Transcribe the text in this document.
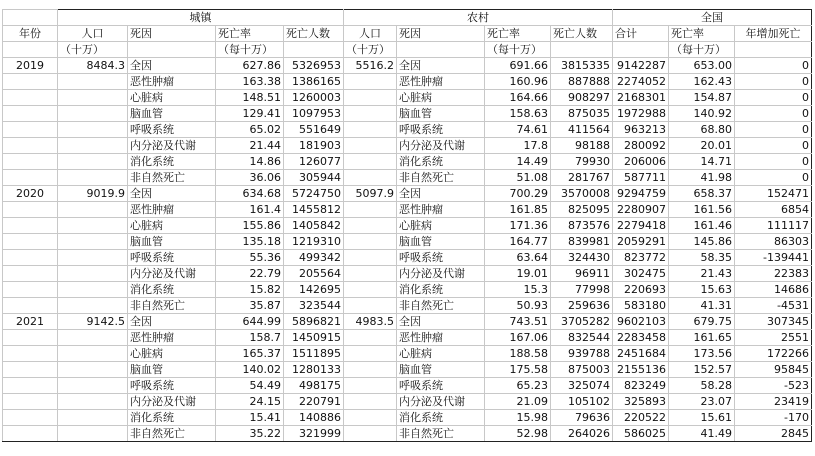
	城镇				农村				全国		
年份	人口	死因	死亡率	死亡人数	人口	死因	死亡率	死亡人数	合计	死亡率	年增加死亡
	（十万）		（每十万）		（十万）		（每十万）			（每十万）	
2019	8484.3	全因	627.86	5326953	5516.2	全因	691.66	3815335	9142287	653.00	0
		恶性肿瘤	163.38	1386165		恶性肿瘤	160.96	887888	2274052	162.43	0
		心脏病	148.51	1260003		心脏病	164.66	908297	2168301	154.87	0
		脑血管	129.41	1097953		脑血管	158.63	875035	1972988	140.92	0
		呼吸系统	65.02	551649		呼吸系统	74.61	411564	963213	68.80	0
		内分泌及代谢	21.44	181903		内分泌及代谢	17.8	98188	280092	20.01	0
		消化系统	14.86	126077		消化系统	14.49	79930	206006	14.71	0
		非自然死亡	36.06	305944		非自然死亡	51.08	281767	587711	41.98	0
2020	9019.9	全因	634.68	5724750	5097.9	全因	700.29	3570008	9294759	658.37	152471
		恶性肿瘤	161.4	1455812		恶性肿瘤	161.85	825095	2280907	161.56	6854
		心脏病	155.86	1405842		心脏病	171.36	873576	2279418	161.46	111117
		脑血管	135.18	1219310		脑血管	164.77	839981	2059291	145.86	86303
		呼吸系统	55.36	499342		呼吸系统	63.64	324430	823772	58.35	-139441
		内分泌及代谢	22.79	205564		内分泌及代谢	19.01	96911	302475	21.43	22383
		消化系统	15.82	142695		消化系统	15.3	77998	220693	15.63	14686
		非自然死亡	35.87	323544		非自然死亡	50.93	259636	583180	41.31	-4531
2021	9142.5	全因	644.99	5896821	4983.5	全因	743.51	3705282	9602103	679.75	307345
		恶性肿瘤	158.7	1450915		恶性肿瘤	167.06	832544	2283458	161.65	2551
		心脏病	165.37	1511895		心脏病	188.58	939788	2451684	173.56	172266
		脑血管	140.02	1280133		脑血管	175.58	875003	2155136	152.57	95845
		呼吸系统	54.49	498175		呼吸系统	65.23	325074	823249	58.28	-523
		内分泌及代谢	24.15	220791		内分泌及代谢	21.09	105102	325893	23.07	23419
		消化系统	15.41	140886		消化系统	15.98	79636	220522	15.61	-170
		非自然死亡	35.22	321999		非自然死亡	52.98	264026	586025	41.49	2845
